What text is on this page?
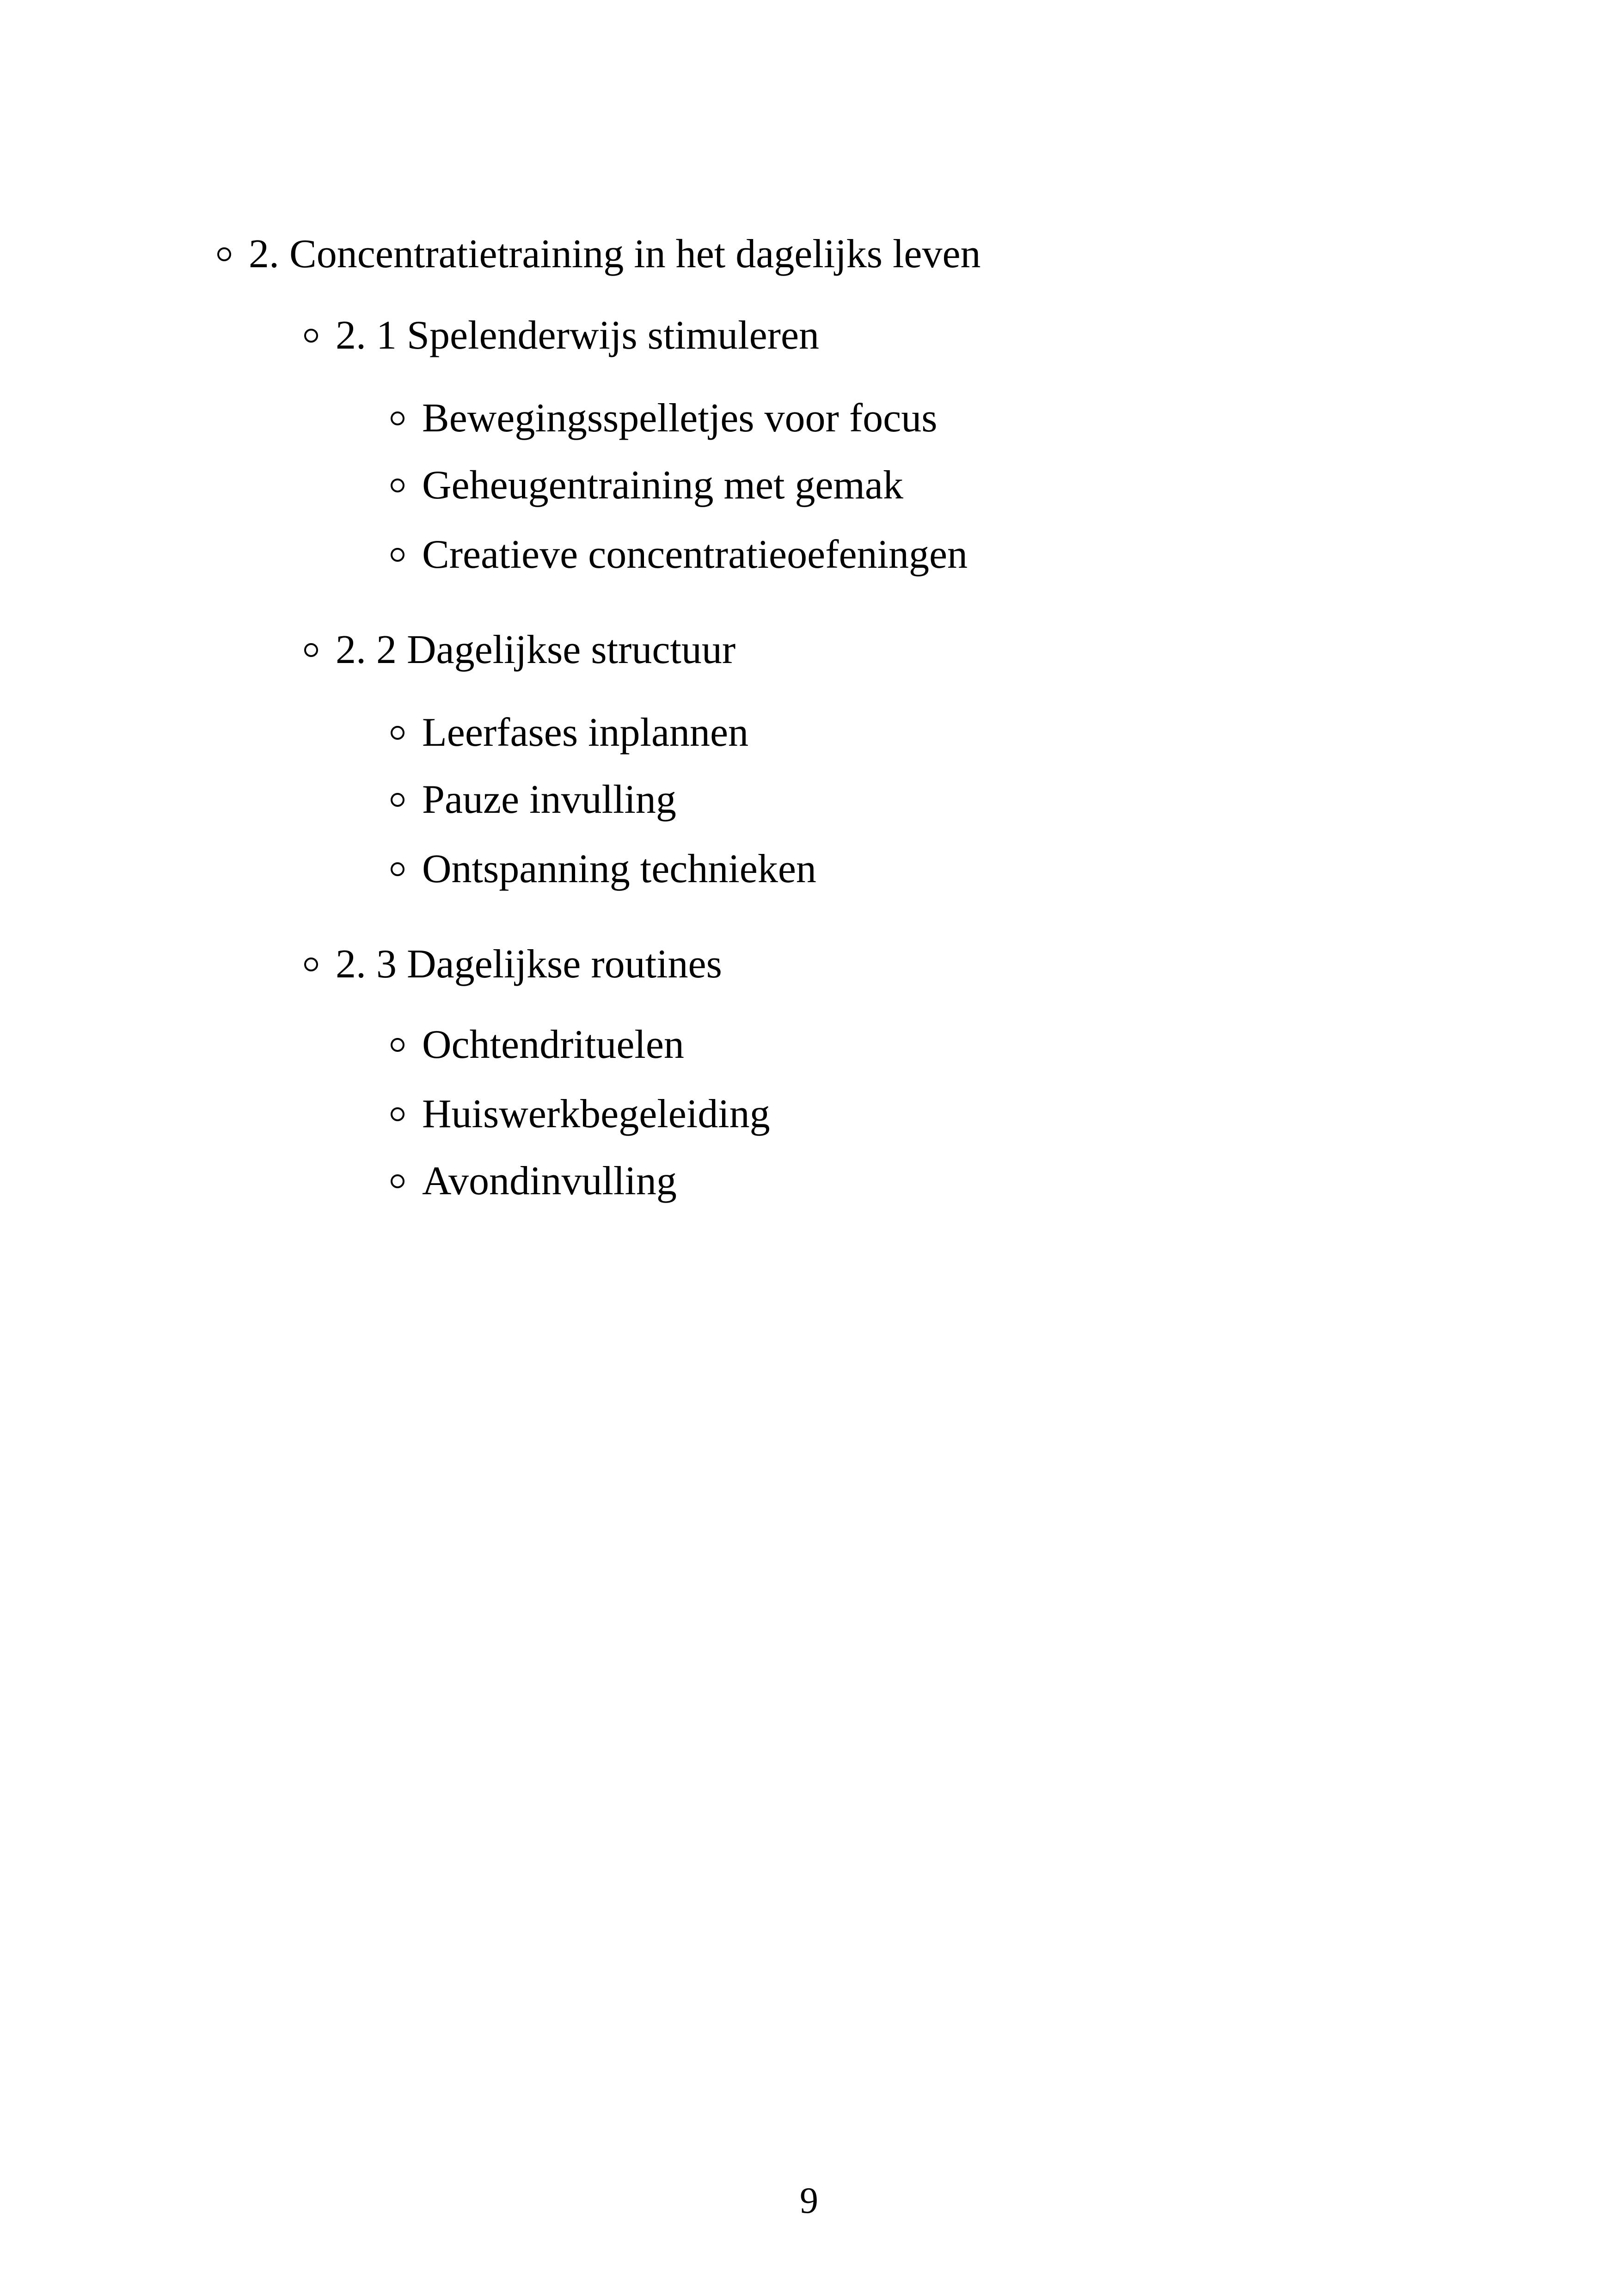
2. Concentratietraining in het dagelijks leven
2. 1 Spelenderwijs stimuleren
Bewegingsspelletjes voor focus
Geheugentraining met gemak
Creatieve concentratieoefeningen
2. 2 Dagelijkse structuur
Leerfases inplannen
Pauze invulling
Ontspanning technieken
2. 3 Dagelijkse routines
Ochtendrituelen
Huiswerkbegeleiding
Avondinvulling
9
